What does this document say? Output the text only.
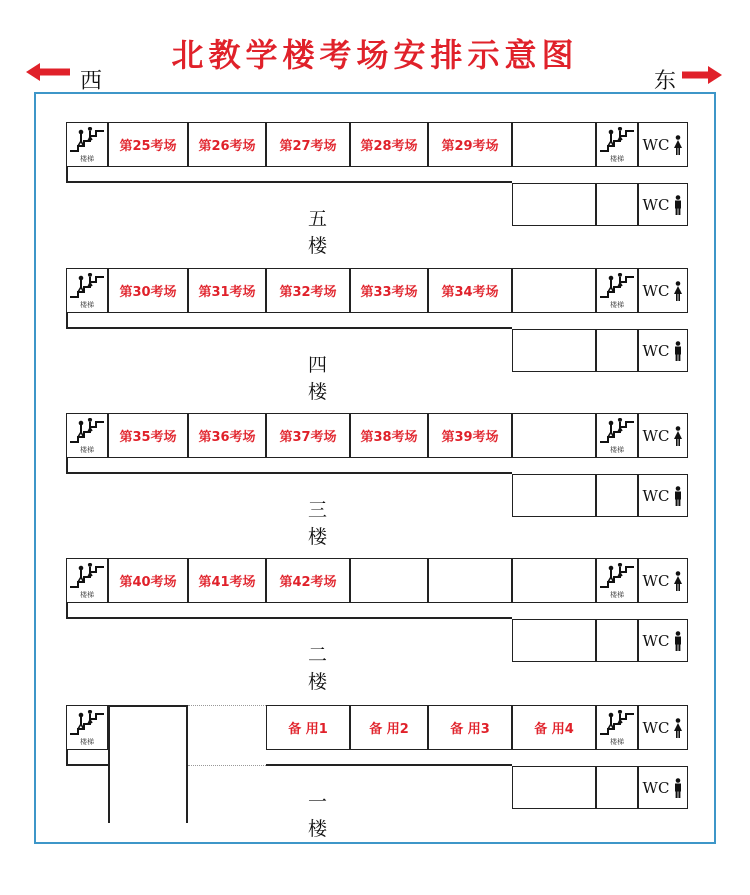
北教学楼考场安排示意图
西	东
楼梯
第25考场 第26考场 第27考场 第28考场 第29考场
楼梯
WC
WC
五 楼
楼梯
第30考场 第31考场 第32考场 第33考场 第34考场
楼梯
WC
WC
四 楼
楼梯
第35考场 第36考场 第37考场 第38考场 第39考场
楼梯
WC
WC
三 楼
楼梯
第40考场 第41考场 第42考场
楼梯
WC
WC
二 楼
楼梯
备 用1	备 用2	备 用3	备 用4
楼梯
WC
WC
一 楼
